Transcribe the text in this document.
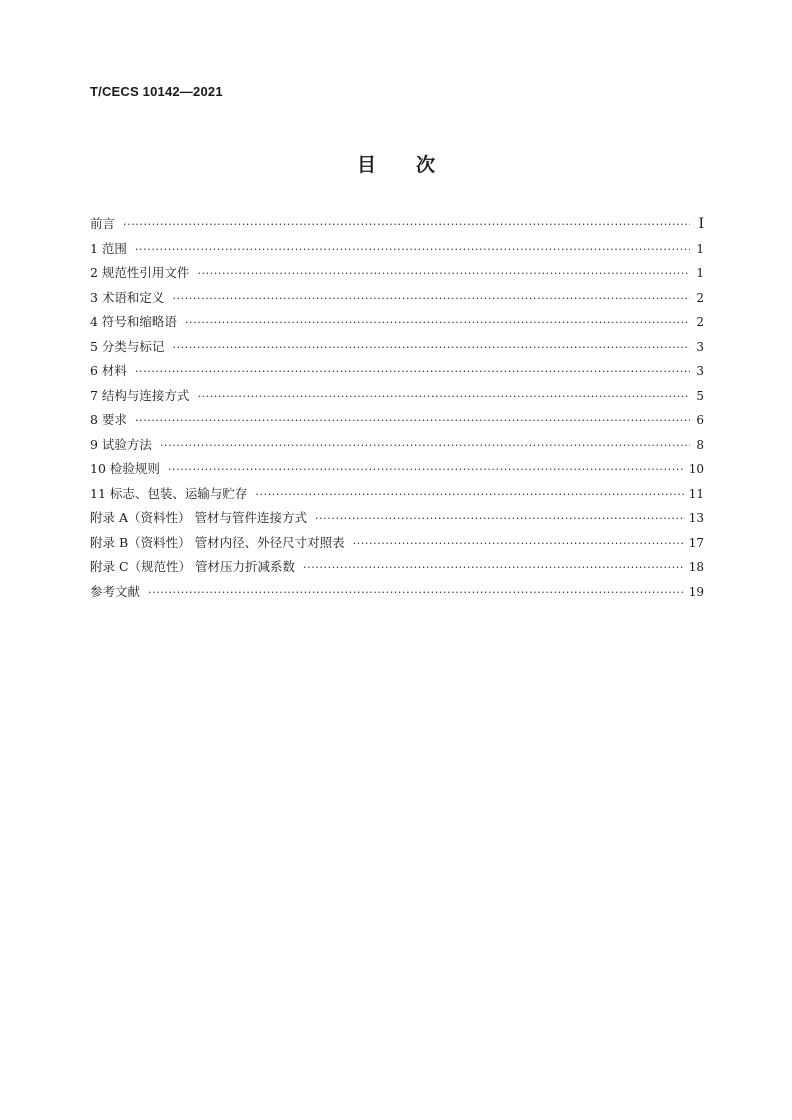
T/CECS 10142—2021
目次
前言 ·····	I
1 范围 ·····	1
2 规范性引用文件 ·····	1
3 术语和定义 ·····	2
4 符号和缩略语 ·····	2
5 分类与标记 ·····	3
6 材料 ·····	3
7 结构与连接方式 ·····	5
8 要求 ·····	6
9 试验方法 ·····	8
10 检验规则 ·····	10
11 标志、包装、运输与贮存 ·····	11
附录 A（资料性） 管材与管件连接方式 ·····	13
附录 B（资料性） 管材内径、外径尺寸对照表 ·····	17
附录 C（规范性） 管材压力折减系数 ·····	18
参考文献 ·····	19
